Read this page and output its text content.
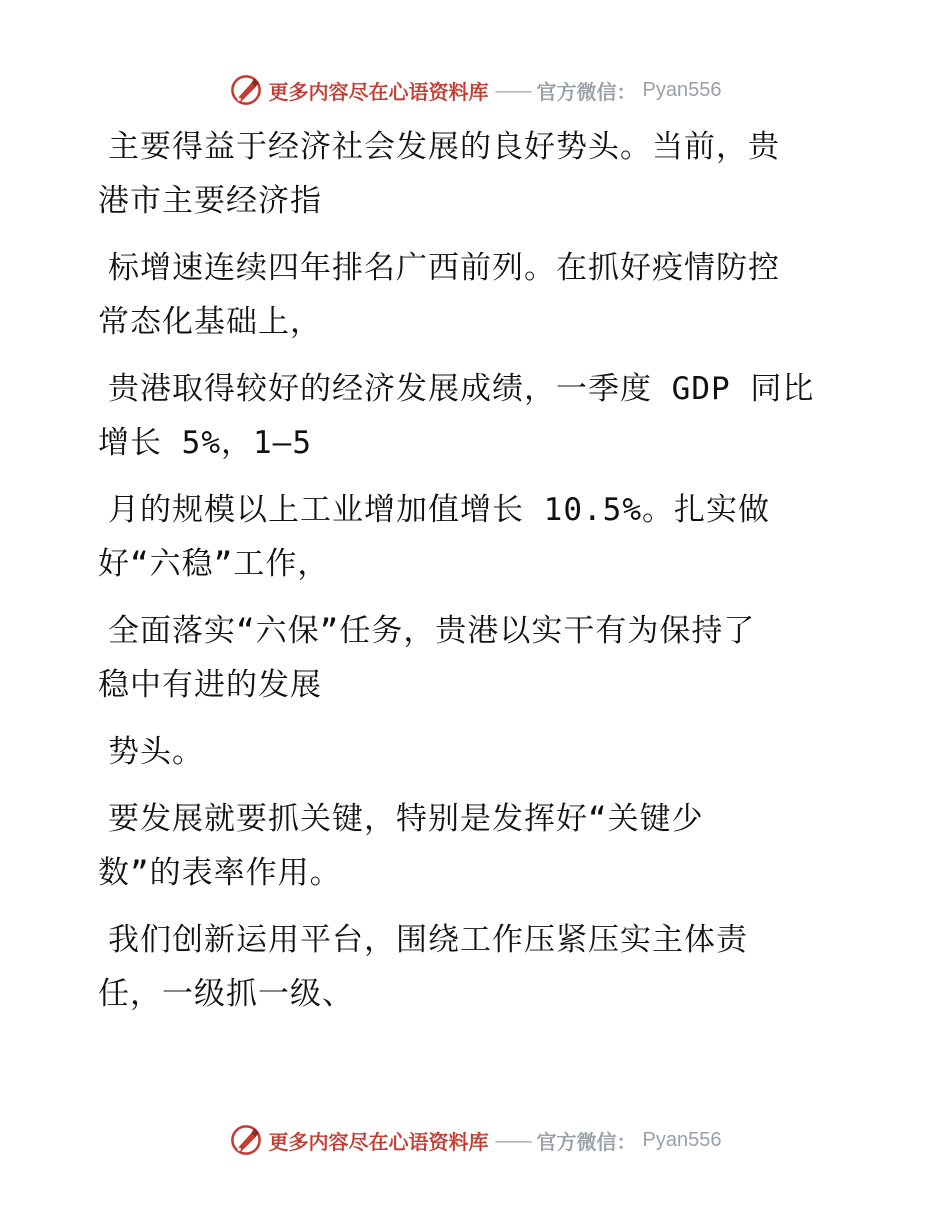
更多内容尽在心语资料库 —— 官方微信： Pyan556

主要得益于经济社会发展的良好势头。当前，贵
港市主要经济指

标增速连续四年排名广西前列。在抓好疫情防控
常态化基础上，

贵港取得较好的经济发展成绩，一季度 GDP 同比
增长 5%，1—5

月的规模以上工业增加值增长 10.5%。扎实做
好“六稳”工作，

全面落实“六保”任务，贵港以实干有为保持了
稳中有进的发展

势头。

要发展就要抓关键，特别是发挥好“关键少
数”的表率作用。

我们创新运用平台，围绕工作压紧压实主体责
任，一级抓一级、

更多内容尽在心语资料库 —— 官方微信： Pyan556
